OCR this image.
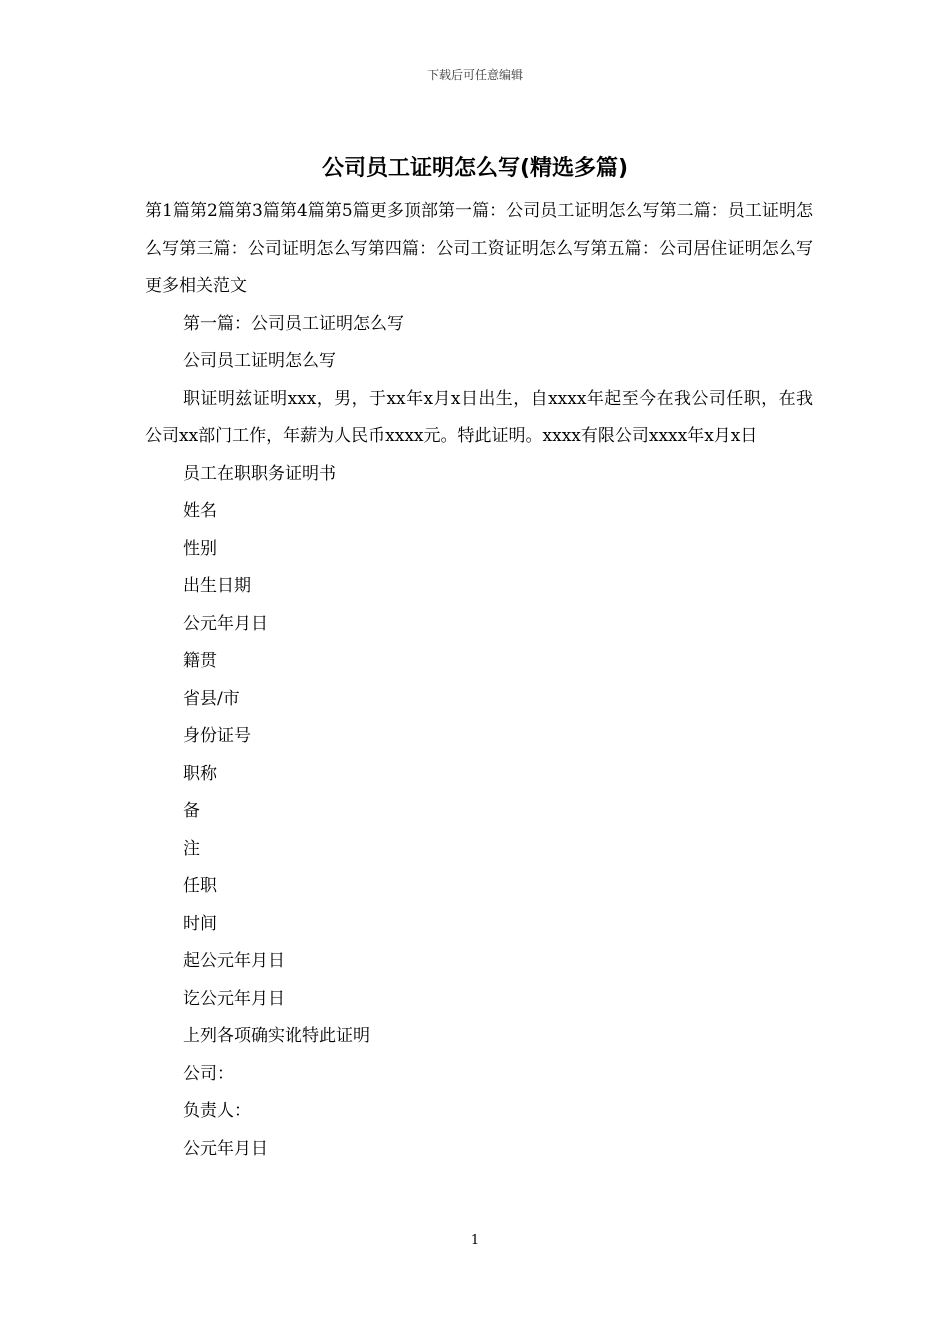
下载后可任意编辑
公司员工证明怎么写(精选多篇)

第1篇第2篇第3篇第4篇第5篇更多顶部第一篇：公司员工证明怎么写第二篇：员工证明怎么写第三篇：公司证明怎么写第四篇：公司工资证明怎么写第五篇：公司居住证明怎么写更多相关范文

第一篇：公司员工证明怎么写

公司员工证明怎么写

职证明兹证明xxx，男，于xx年x月x日出生，自xxxx年起至今在我公司任职，在我公司xx部门工作，年薪为人民币xxxx元。特此证明。xxxx有限公司xxxx年x月x日

员工在职职务证明书

姓名

性别

出生日期

公元年月日

籍贯

省县/市

身份证号

职称

备

注

任职

时间

起公元年月日

讫公元年月日

上列各项确实讹特此证明

公司：

负责人：

公元年月日

1
